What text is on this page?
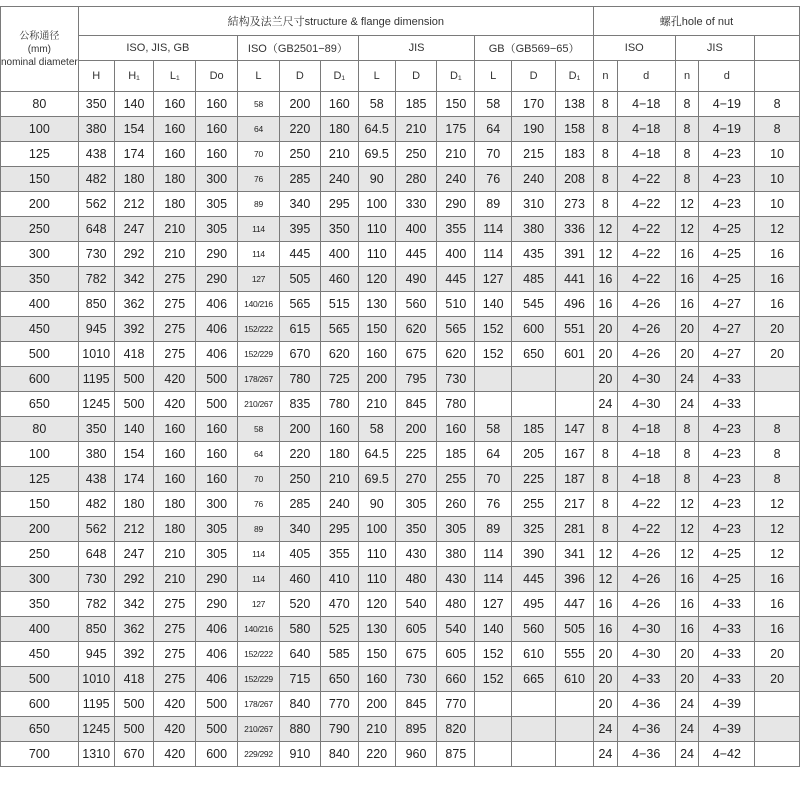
公称通径
(mm)
nominal diameter	結构及法兰尺寸structure & flange dimension													螺孔hole of nut				
	ISO, JIS, GB				ISO（GB2501−89）			JIS			GB（GB569−65）			ISO		JIS		
	H	H₁	L₁	Do	L	D	D₁	L	D	D₁	L	D	D₁	n	d	n	d	
80	350	140	160	160	58	200	160	58	185	150	58	170	138	8	4−18	8	4−19	8
100	380	154	160	160	64	220	180	64.5	210	175	64	190	158	8	4−18	8	4−19	8
125	438	174	160	160	70	250	210	69.5	250	210	70	215	183	8	4−18	8	4−23	10
150	482	180	180	300	76	285	240	90	280	240	76	240	208	8	4−22	8	4−23	10
200	562	212	180	305	89	340	295	100	330	290	89	310	273	8	4−22	12	4−23	10
250	648	247	210	305	114	395	350	110	400	355	114	380	336	12	4−22	12	4−25	12
300	730	292	210	290	114	445	400	110	445	400	114	435	391	12	4−22	16	4−25	16
350	782	342	275	290	127	505	460	120	490	445	127	485	441	16	4−22	16	4−25	16
400	850	362	275	406	140/216	565	515	130	560	510	140	545	496	16	4−26	16	4−27	16
450	945	392	275	406	152/222	615	565	150	620	565	152	600	551	20	4−26	20	4−27	20
500	1010	418	275	406	152/229	670	620	160	675	620	152	650	601	20	4−26	20	4−27	20
600	1195	500	420	500	178/267	780	725	200	795	730				20	4−30	24	4−33	
650	1245	500	420	500	210/267	835	780	210	845	780				24	4−30	24	4−33	
80	350	140	160	160	58	200	160	58	200	160	58	185	147	8	4−18	8	4−23	8
100	380	154	160	160	64	220	180	64.5	225	185	64	205	167	8	4−18	8	4−23	8
125	438	174	160	160	70	250	210	69.5	270	255	70	225	187	8	4−18	8	4−23	8
150	482	180	180	300	76	285	240	90	305	260	76	255	217	8	4−22	12	4−23	12
200	562	212	180	305	89	340	295	100	350	305	89	325	281	8	4−22	12	4−23	12
250	648	247	210	305	114	405	355	110	430	380	114	390	341	12	4−26	12	4−25	12
300	730	292	210	290	114	460	410	110	480	430	114	445	396	12	4−26	16	4−25	16
350	782	342	275	290	127	520	470	120	540	480	127	495	447	16	4−26	16	4−33	16
400	850	362	275	406	140/216	580	525	130	605	540	140	560	505	16	4−30	16	4−33	16
450	945	392	275	406	152/222	640	585	150	675	605	152	610	555	20	4−30	20	4−33	20
500	1010	418	275	406	152/229	715	650	160	730	660	152	665	610	20	4−33	20	4−33	20
600	1195	500	420	500	178/267	840	770	200	845	770				20	4−36	24	4−39	
650	1245	500	420	500	210/267	880	790	210	895	820				24	4−36	24	4−39	
700	1310	670	420	600	229/292	910	840	220	960	875				24	4−36	24	4−42	
